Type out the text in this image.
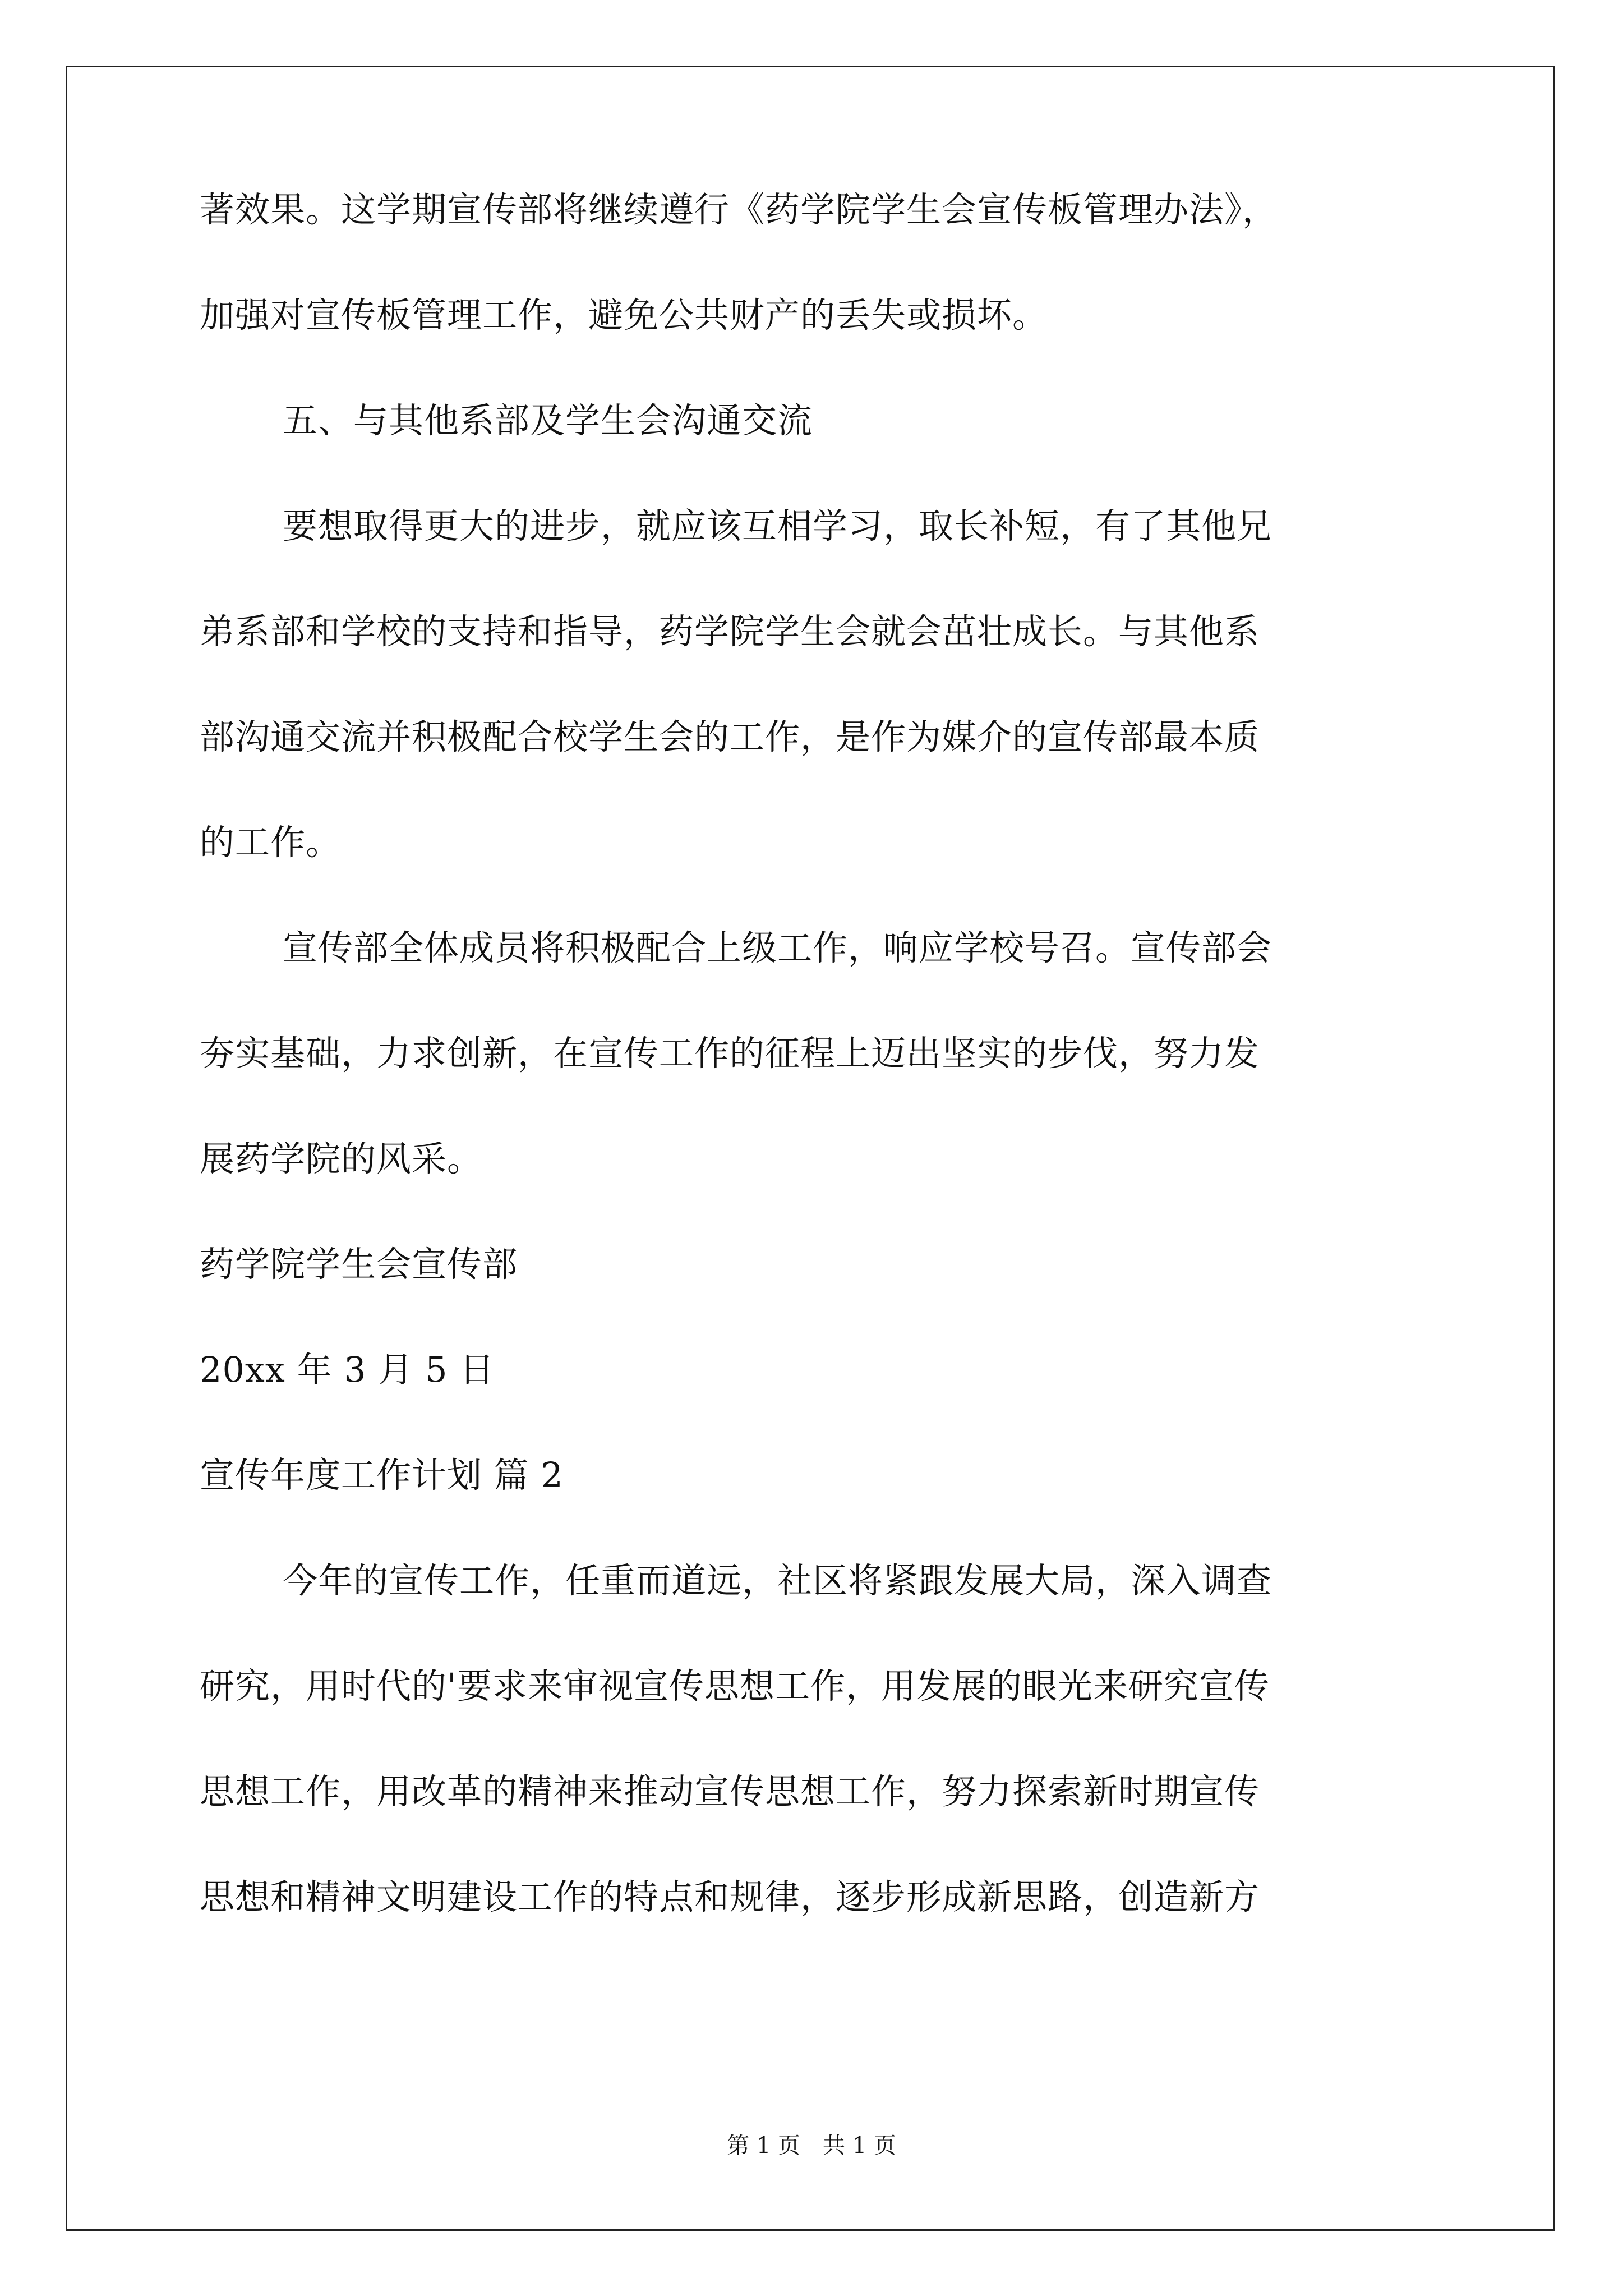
著效果。这学期宣传部将继续遵行《药学院学生会宣传板管理办法》，
加强对宣传板管理工作，避免公共财产的丢失或损坏。
五、与其他系部及学生会沟通交流
要想取得更大的进步，就应该互相学习，取长补短，有了其他兄
弟系部和学校的支持和指导，药学院学生会就会茁壮成长。与其他系
部沟通交流并积极配合校学生会的工作，是作为媒介的宣传部最本质
的工作。
宣传部全体成员将积极配合上级工作，响应学校号召。宣传部会
夯实基础，力求创新，在宣传工作的征程上迈出坚实的步伐，努力发
展药学院的风采。
药学院学生会宣传部
20xx 年 3 月 5 日
宣传年度工作计划 篇 2
今年的宣传工作，任重而道远，社区将紧跟发展大局，深入调查
研究，用时代的'要求来审视宣传思想工作，用发展的眼光来研究宣传
思想工作，用改革的精神来推动宣传思想工作，努力探索新时期宣传
思想和精神文明建设工作的特点和规律，逐步形成新思路，创造新方
第 1 页　共 1 页
